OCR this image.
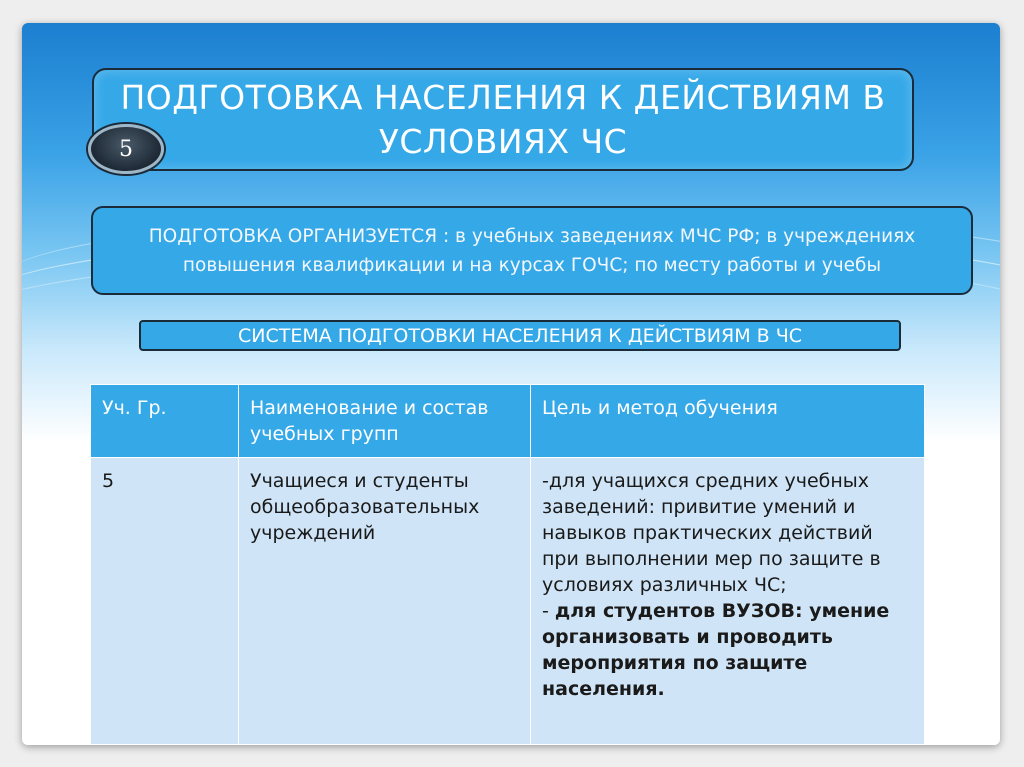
ПОДГОТОВКА НАСЕЛЕНИЯ К ДЕЙСТВИЯМ В УСЛОВИЯХ ЧС
5
ПОДГОТОВКА ОРГАНИЗУЕТСЯ : в учебных заведениях МЧС РФ; в учреждениях повышения квалификации и на курсах ГОЧС; по месту работы и учебы
СИСТЕМА ПОДГОТОВКИ НАСЕЛЕНИЯ К ДЕЙСТВИЯМ В ЧС
Уч. Гр.	Наименование и состав учебных групп	Цель и метод обучения
5	Учащиеся и студенты общеобразовательных учреждений	-для учащихся средних учебных заведений: привитие умений и навыков практических действий при выполнении мер по защите в условиях различных ЧС;
- для студентов ВУЗОВ: умение организовать и проводить мероприятия по защите населения.
